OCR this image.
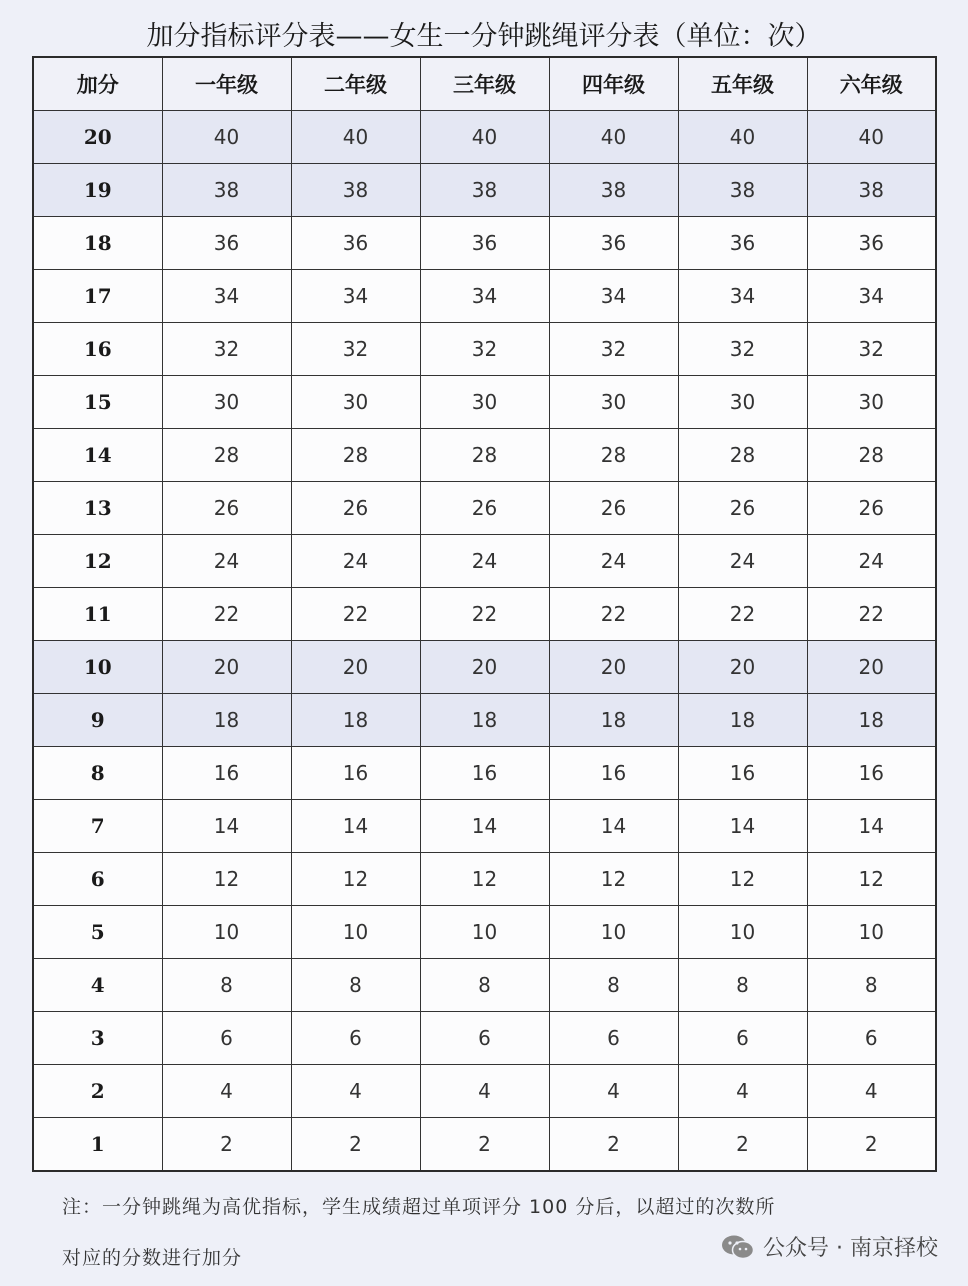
加分指标评分表——女生一分钟跳绳评分表（单位：次）
加分	一年级	二年级	三年级	四年级	五年级	六年级
20	40	40	40	40	40	40
19	38	38	38	38	38	38
18	36	36	36	36	36	36
17	34	34	34	34	34	34
16	32	32	32	32	32	32
15	30	30	30	30	30	30
14	28	28	28	28	28	28
13	26	26	26	26	26	26
12	24	24	24	24	24	24
11	22	22	22	22	22	22
10	20	20	20	20	20	20
9	18	18	18	18	18	18
8	16	16	16	16	16	16
7	14	14	14	14	14	14
6	12	12	12	12	12	12
5	10	10	10	10	10	10
4	8	8	8	8	8	8
3	6	6	6	6	6	6
2	4	4	4	4	4	4
1	2	2	2	2	2	2
注：一分钟跳绳为高优指标，学生成绩超过单项评分 100 分后，以超过的次数所
对应的分数进行加分	公众号 · 南京择校
